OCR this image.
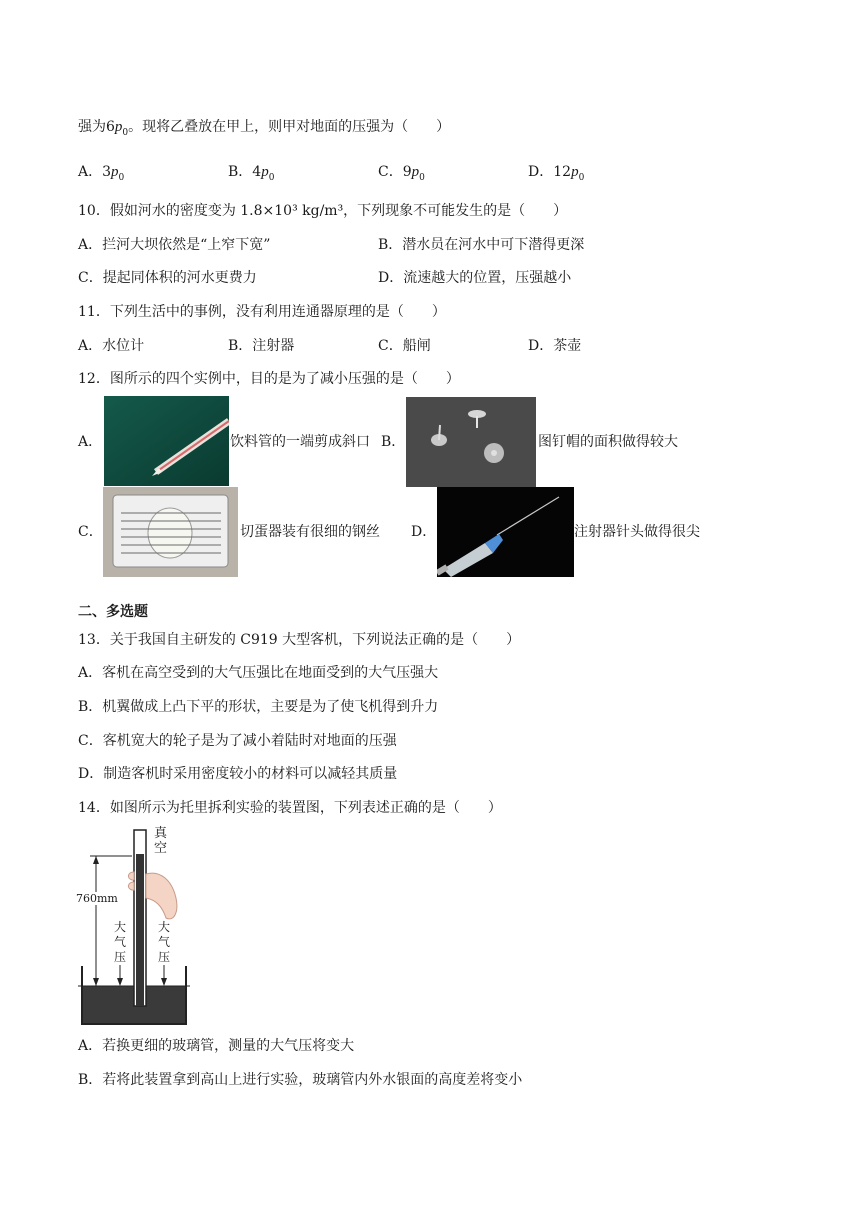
强为$6p_0$。现将乙叠放在甲上，则甲对地面的压强为（　　）
A．$3p_0$	B．$4p_0$	C．$9p_0$	D．$12p_0$
10．假如河水的密度变为 1.8×10³ kg/m³，下列现象不可能发生的是（　　）
A．拦河大坝依然是“上窄下宽”	B．潜水员在河水中可下潜得更深
C．提起同体积的河水更费力	D．流速越大的位置，压强越小
11．下列生活中的事例，没有利用连通器原理的是（　　）
A．水位计	B．注射器	C．船闸	D．茶壶
12．图所示的四个实例中，目的是为了减小压强的是（　　）
A．	饮料管的一端剪成斜口 B．	图钉帽的面积做得较大
C．	切蛋器装有很细的钢丝 D．	注射器针头做得很尖
二、多选题
13．关于我国自主研发的 C919 大型客机，下列说法正确的是（　　）
A．客机在高空受到的大气压强比在地面受到的大气压强大
B．机翼做成上凸下平的形状，主要是为了使飞机得到升力
C．客机宽大的轮子是为了减小着陆时对地面的压强
D．制造客机时采用密度较小的材料可以减轻其质量
14．如图所示为托里拆利实验的装置图，下列表述正确的是（　　）
真
空
760mm
大
气
压
大
气
压
A．若换更细的玻璃管，测量的大气压将变大
B．若将此装置拿到高山上进行实验，玻璃管内外水银面的高度差将变小
